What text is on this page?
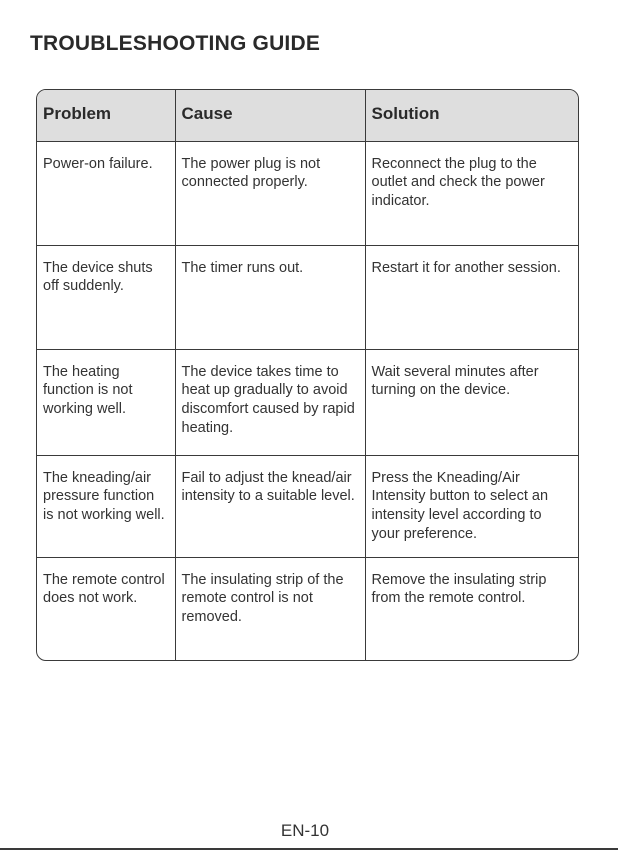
TROUBLESHOOTING GUIDE
Problem	Cause	Solution
Power-on failure.	The power plug is not connected properly.	Reconnect the plug to the outlet and check the power indicator.
The device shuts off suddenly.	The timer runs out.	Restart it for another session.
The heating function is not working well.	The device takes time to heat up gradually to avoid discomfort caused by rapid heating.	Wait several minutes after turning on the device.
The kneading/air pressure function is not working well.	Fail to adjust the knead/air intensity to a suitable level.	Press the Kneading/Air Intensity button to select an intensity level according to your preference.
The remote control does not work.	The insulating strip of the remote control is not removed.	Remove the insulating strip from the remote control.
EN-10
